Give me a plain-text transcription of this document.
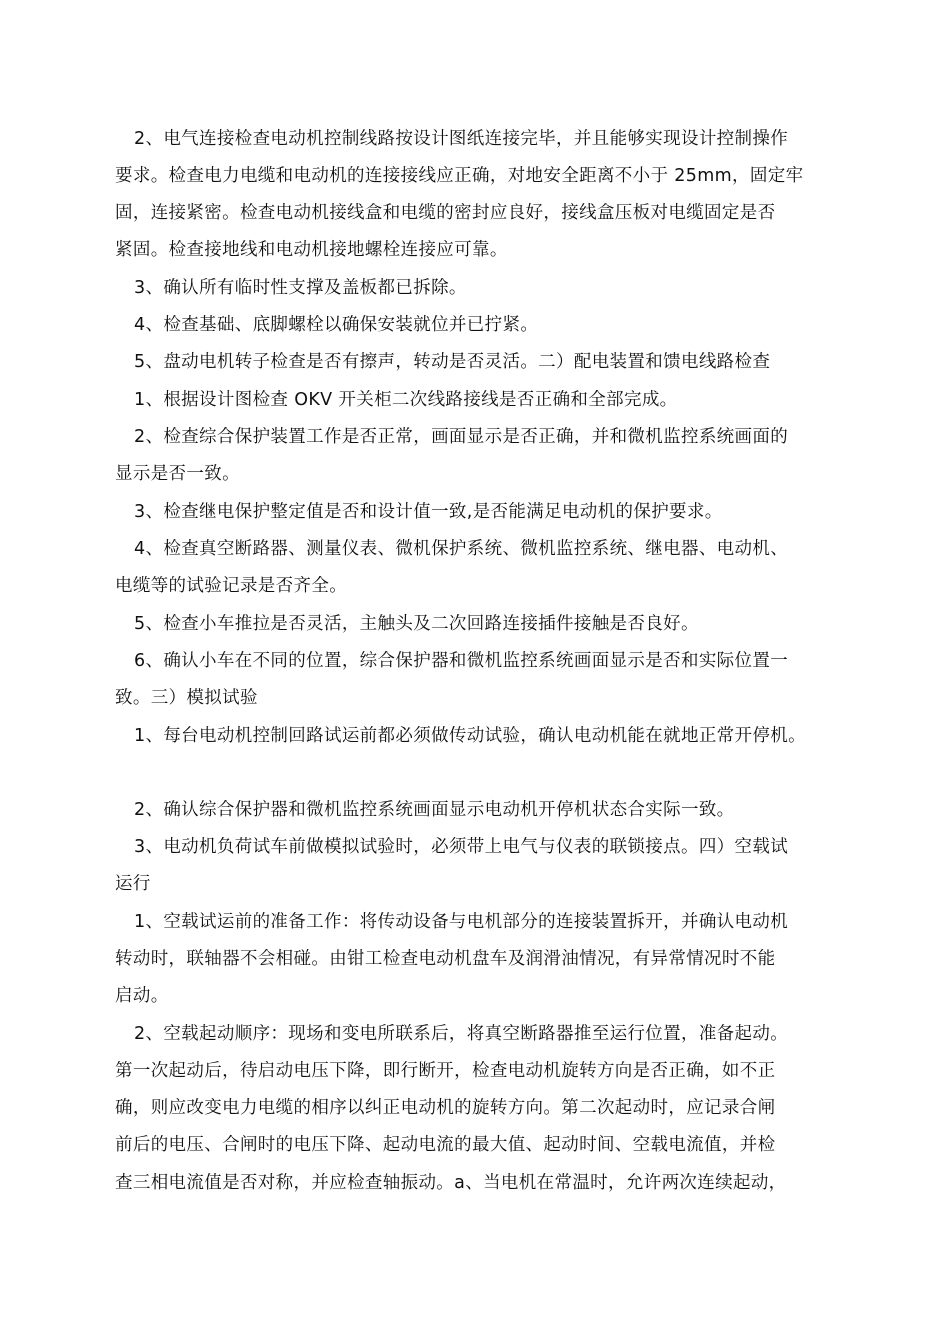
2、电气连接检查电动机控制线路按设计图纸连接完毕，并且能够实现设计控制操作
要求。检查电力电缆和电动机的连接接线应正确，对地安全距离不小于 25mm，固定牢
固，连接紧密。检查电动机接线盒和电缆的密封应良好，接线盒压板对电缆固定是否
紧固。检查接地线和电动机接地螺栓连接应可靠。
3、确认所有临时性支撑及盖板都已拆除。
4、检查基础、底脚螺栓以确保安装就位并已拧紧。
5、盘动电机转子检查是否有擦声，转动是否灵活。二）配电装置和馈电线路检查
1、根据设计图检查 OKV 开关柜二次线路接线是否正确和全部完成。
2、检查综合保护装置工作是否正常，画面显示是否正确，并和微机监控系统画面的
显示是否一致。
3、检查继电保护整定值是否和设计值一致,是否能满足电动机的保护要求。
4、检查真空断路器、测量仪表、微机保护系统、微机监控系统、继电器、电动机、
电缆等的试验记录是否齐全。
5、检查小车推拉是否灵活，主触头及二次回路连接插件接触是否良好。
6、确认小车在不同的位置，综合保护器和微机监控系统画面显示是否和实际位置一
致。三）模拟试验
1、每台电动机控制回路试运前都必须做传动试验，确认电动机能在就地正常开停机。
2、确认综合保护器和微机监控系统画面显示电动机开停机状态合实际一致。
3、电动机负荷试车前做模拟试验时，必须带上电气与仪表的联锁接点。四）空载试
运行
1、空载试运前的准备工作：将传动设备与电机部分的连接装置拆开，并确认电动机
转动时，联轴器不会相碰。由钳工检查电动机盘车及润滑油情况，有异常情况时不能
启动。
2、空载起动顺序：现场和变电所联系后，将真空断路器推至运行位置，准备起动。
第一次起动后，待启动电压下降，即行断开，检查电动机旋转方向是否正确，如不正
确，则应改变电力电缆的相序以纠正电动机的旋转方向。第二次起动时，应记录合闸
前后的电压、合闸时的电压下降、起动电流的最大值、起动时间、空载电流值，并检
查三相电流值是否对称，并应检查轴振动。a、当电机在常温时，允许两次连续起动，
